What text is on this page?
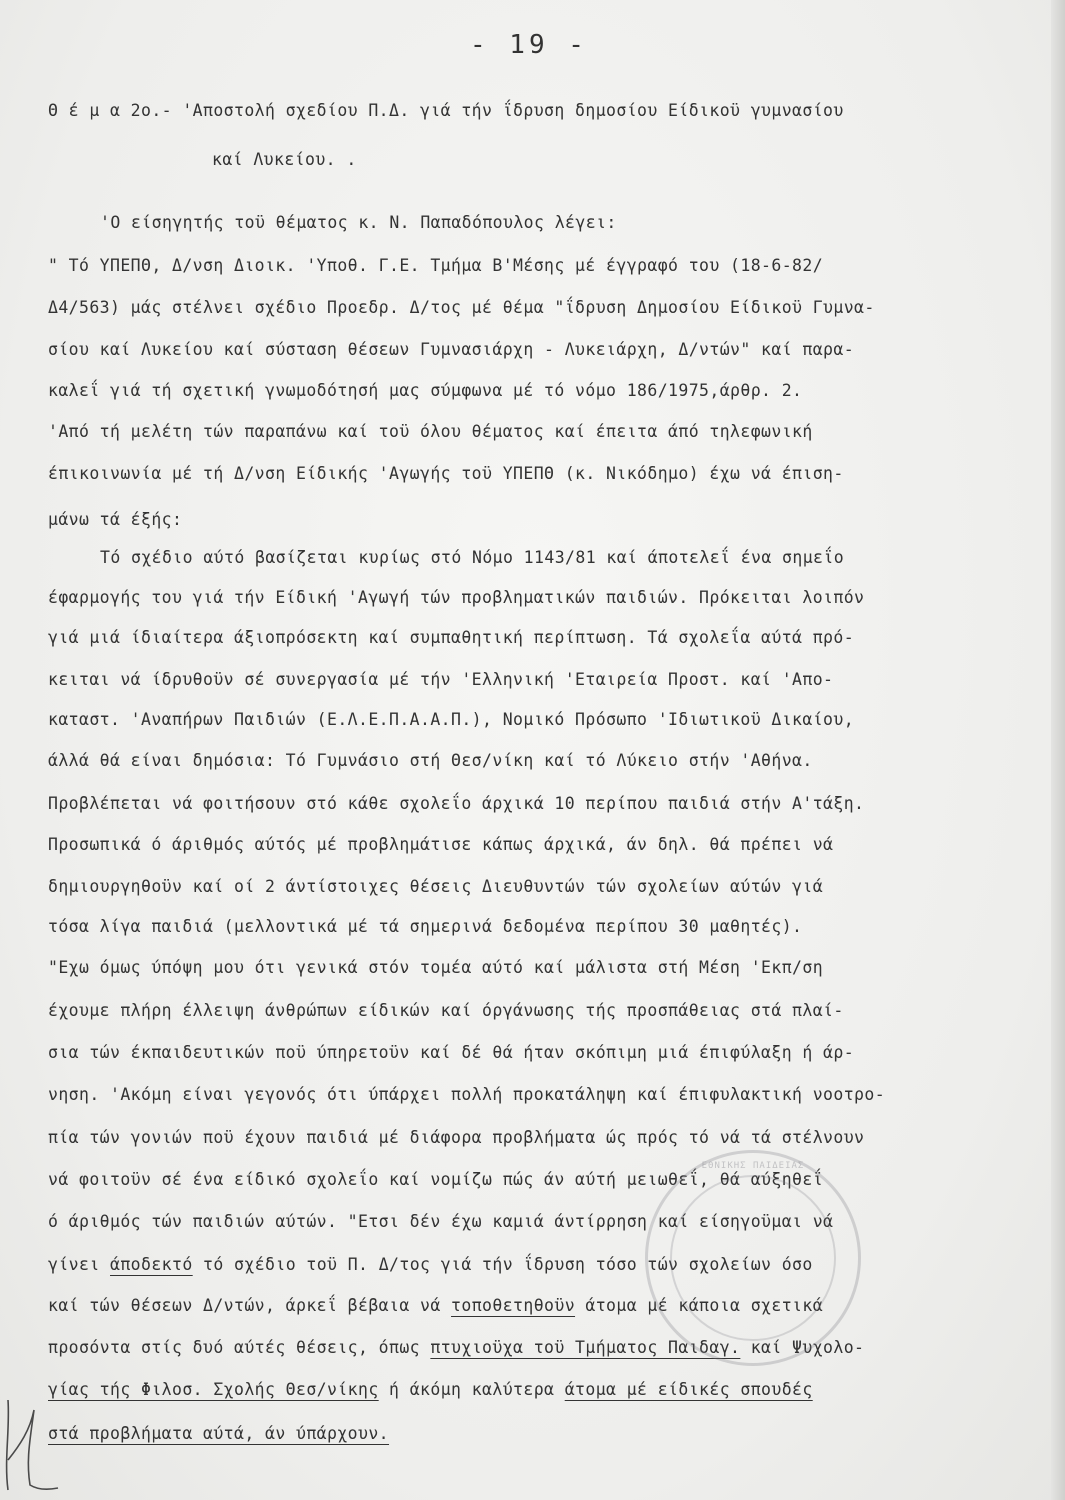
- 19 -
Θ έ μ α 2ο.- 'Αποστολή σχεδίου Π.Δ. γιά τήν ΐδρυση δημοσίου Είδικοϋ γυμνασίου
καί Λυκείου. .
'Ο είσηγητής τοϋ θέματος κ. Ν. Παπαδόπουλος λέγει:
" Τό ΥΠΕΠΘ, Δ/νση Διοικ. 'Υποθ. Γ.Ε. Τμήμα Β'Μέσης μέ έγγραφό του (18-6-82/
Δ4/563) μάς στέλνει σχέδιο Προεδρ. Δ/τος μέ θέμα "ΐδρυση Δημοσίου Είδικοϋ Γυμνα-
σίου καί Λυκείου καί σύσταση θέσεων Γυμνασιάρχη - Λυκειάρχη, Δ/ντών" καί παρα-
καλεΐ γιά τή σχετική γνωμοδότησή μας σύμφωνα μέ τό νόμο 186/1975,άρθρ. 2.
'Από τή μελέτη τών παραπάνω καί τοϋ όλου θέματος καί έπειτα άπό τηλεφωνική
έπικοινωνία μέ τή Δ/νση Είδικής 'Αγωγής τοϋ ΥΠΕΠΘ (κ. Νικόδημο) έχω νά έπιση-
μάνω τά έξής:
Τό σχέδιο αύτό βασίζεται κυρίως στό Νόμο 1143/81 καί άποτελεΐ ένα σημεΐο
έφαρμογής του γιά τήν Είδική 'Αγωγή τών προβληματικών παιδιών. Πρόκειται λοιπόν
γιά μιά ίδιαίτερα άξιοπρόσεκτη καί συμπαθητική περίπτωση. Τά σχολεΐα αύτά πρό-
κειται νά ίδρυθοϋν σέ συνεργασία μέ τήν 'Ελληνική 'Εταιρεία Προστ. καί 'Απο-
καταστ. 'Αναπήρων Παιδιών (Ε.Λ.Ε.Π.Α.Α.Π.), Νομικό Πρόσωπο 'Ιδιωτικοϋ Δικαίου,
άλλά θά είναι δημόσια: Τό Γυμνάσιο στή Θεσ/νίκη καί τό Λύκειο στήν 'Αθήνα.
Προβλέπεται νά φοιτήσουν στό κάθε σχολεΐο άρχικά 10 περίπου παιδιά στήν Α'τάξη.
Προσωπικά ό άριθμός αύτός μέ προβλημάτισε κάπως άρχικά, άν δηλ. θά πρέπει νά
δημιουργηθοϋν καί οί 2 άντίστοιχες θέσεις Διευθυντών τών σχολείων αύτών γιά
τόσα λίγα παιδιά (μελλοντικά μέ τά σημερινά δεδομένα περίπου 30 μαθητές).
"Εχω όμως ύπόψη μου ότι γενικά στόν τομέα αύτό καί μάλιστα στή Μέση 'Εκπ/ση
έχουμε πλήρη έλλειψη άνθρώπων είδικών καί όργάνωσης τής προσπάθειας στά πλαί-
σια τών έκπαιδευτικών ποϋ ύπηρετοϋν καί δέ θά ήταν σκόπιμη μιά έπιφύλαξη ή άρ-
νηση. 'Ακόμη είναι γεγονός ότι ύπάρχει πολλή προκατάληψη καί έπιφυλακτική νοοτρο-
πία τών γονιών ποϋ έχουν παιδιά μέ διάφορα προβλήματα ώς πρός τό νά τά στέλνουν
νά φοιτοϋν σέ ένα είδικό σχολεΐο καί νομίζω πώς άν αύτή μειωθεΐ, θά αύξηθεΐ
ό άριθμός τών παιδιών αύτών. "Ετσι δέν έχω καμιά άντίρρηση καί είσηγοϋμαι νά
γίνει άποδεκτό τό σχέδιο τοϋ Π. Δ/τος γιά τήν ΐδρυση τόσο τών σχολείων όσο
καί τών θέσεων Δ/ντών, άρκεΐ βέβαια νά τοποθετηθοϋν άτομα μέ κάποια σχετικά
προσόντα στίς δυό αύτές θέσεις, όπως πτυχιοϋχα τοϋ Τμήματος Παιδαγ. καί Ψυχολο-
γίας τής Φιλοσ. Σχολής Θεσ/νίκης ή άκόμη καλύτερα άτομα μέ είδικές σπουδές
στά προβλήματα αύτά, άν ύπάρχουν.
ΕΘΝΙΚΗΣ ΠΑΙΔΕΙΑΣ
